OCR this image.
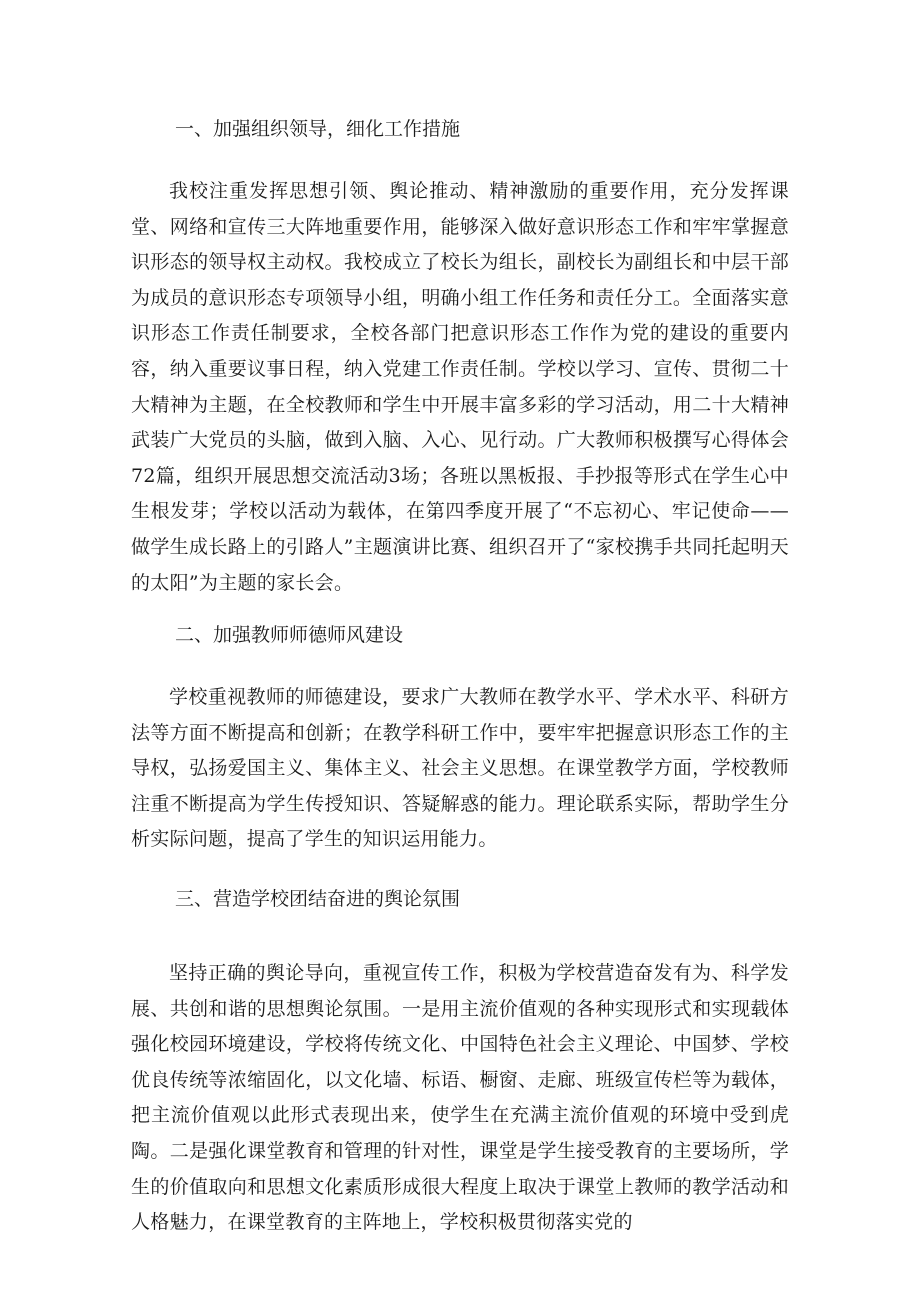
一、加强组织领导，细化工作措施

我校注重发挥思想引领、舆论推动、精神激励的重要作用，充分发挥课堂、网络和宣传三大阵地重要作用，能够深入做好意识形态工作和牢牢掌握意识形态的领导权主动权。我校成立了校长为组长，副校长为副组长和中层干部为成员的意识形态专项领导小组，明确小组工作任务和责任分工。全面落实意识形态工作责任制要求，全校各部门把意识形态工作作为党的建设的重要内容，纳入重要议事日程，纳入党建工作责任制。学校以学习、宣传、贯彻二十大精神为主题，在全校教师和学生中开展丰富多彩的学习活动，用二十大精神武装广大党员的头脑，做到入脑、入心、见行动。广大教师积极撰写心得体会72篇，组织开展思想交流活动3场；各班以黑板报、手抄报等形式在学生心中生根发芽；学校以活动为载体，在第四季度开展了“不忘初心、牢记使命——做学生成长路上的引路人”主题演讲比赛、组织召开了“家校携手共同托起明天的太阳”为主题的家长会。

二、加强教师师德师风建设

学校重视教师的师德建设，要求广大教师在教学水平、学术水平、科研方法等方面不断提高和创新；在教学科研工作中，要牢牢把握意识形态工作的主导权，弘扬爱国主义、集体主义、社会主义思想。在课堂教学方面，学校教师注重不断提高为学生传授知识、答疑解惑的能力。理论联系实际，帮助学生分析实际问题，提高了学生的知识运用能力。

三、营造学校团结奋进的舆论氛围

坚持正确的舆论导向，重视宣传工作，积极为学校营造奋发有为、科学发展、共创和谐的思想舆论氛围。一是用主流价值观的各种实现形式和实现载体强化校园环境建设，学校将传统文化、中国特色社会主义理论、中国梦、学校优良传统等浓缩固化，以文化墙、标语、橱窗、走廊、班级宣传栏等为载体，把主流价值观以此形式表现出来，使学生在充满主流价值观的环境中受到虎陶。二是强化课堂教育和管理的针对性，课堂是学生接受教育的主要场所，学生的价值取向和思想文化素质形成很大程度上取决于课堂上教师的教学活动和人格魅力，在课堂教育的主阵地上，学校积极贯彻落实党的
